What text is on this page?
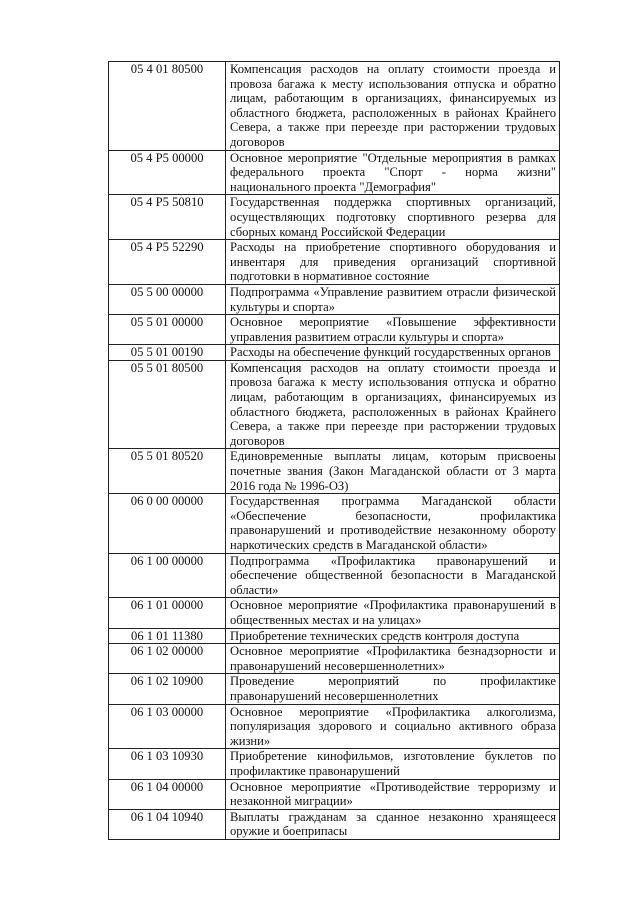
05 4 01 80500	Компенсация расходов на оплату стоимости проезда и провоза багажа к месту использования отпуска и обратно лицам, работающим в организациях, финансируемых из областного бюджета, расположенных в районах Крайнего Севера, а также при переезде при расторжении трудовых договоров
05 4 P5 00000	Основное мероприятие "Отдельные мероприятия в рамках федерального проекта "Спорт - норма жизни" национального проекта "Демография"
05 4 P5 50810	Государственная поддержка спортивных организаций, осуществляющих подготовку спортивного резерва для сборных команд Российской Федерации
05 4 P5 52290	Расходы на приобретение спортивного оборудования и инвентаря для приведения организаций спортивной подготовки в нормативное состояние
05 5 00 00000	Подпрограмма «Управление развитием отрасли физической культуры и спорта»
05 5 01 00000	Основное мероприятие «Повышение эффективности управления развитием отрасли культуры и спорта»
05 5 01 00190	Расходы на обеспечение функций государственных органов
05 5 01 80500	Компенсация расходов на оплату стоимости проезда и провоза багажа к месту использования отпуска и обратно лицам, работающим в организациях, финансируемых из областного бюджета, расположенных в районах Крайнего Севера, а также при переезде при расторжении трудовых договоров
05 5 01 80520	Единовременные выплаты лицам, которым присвоены почетные звания (Закон Магаданской области от 3 марта 2016 года № 1996-ОЗ)
06 0 00 00000	Государственная программа Магаданской области «Обеспечение безопасности, профилактика правонарушений и противодействие незаконному обороту наркотических средств в Магаданской области»
06 1 00 00000	Подпрограмма «Профилактика правонарушений и обеспечение общественной безопасности в Магаданской области»
06 1 01 00000	Основное мероприятие «Профилактика правонарушений в общественных местах и на улицах»
06 1 01 11380	Приобретение технических средств контроля доступа
06 1 02 00000	Основное мероприятие «Профилактика безнадзорности и правонарушений несовершеннолетних»
06 1 02 10900	Проведение мероприятий по профилактике правонарушений несовершеннолетних
06 1 03 00000	Основное мероприятие «Профилактика алкоголизма, популяризация здорового и социально активного образа жизни»
06 1 03 10930	Приобретение кинофильмов, изготовление буклетов по профилактике правонарушений
06 1 04 00000	Основное мероприятие «Противодействие терроризму и незаконной миграции»
06 1 04 10940	Выплаты гражданам за сданное незаконно хранящееся оружие и боеприпасы
